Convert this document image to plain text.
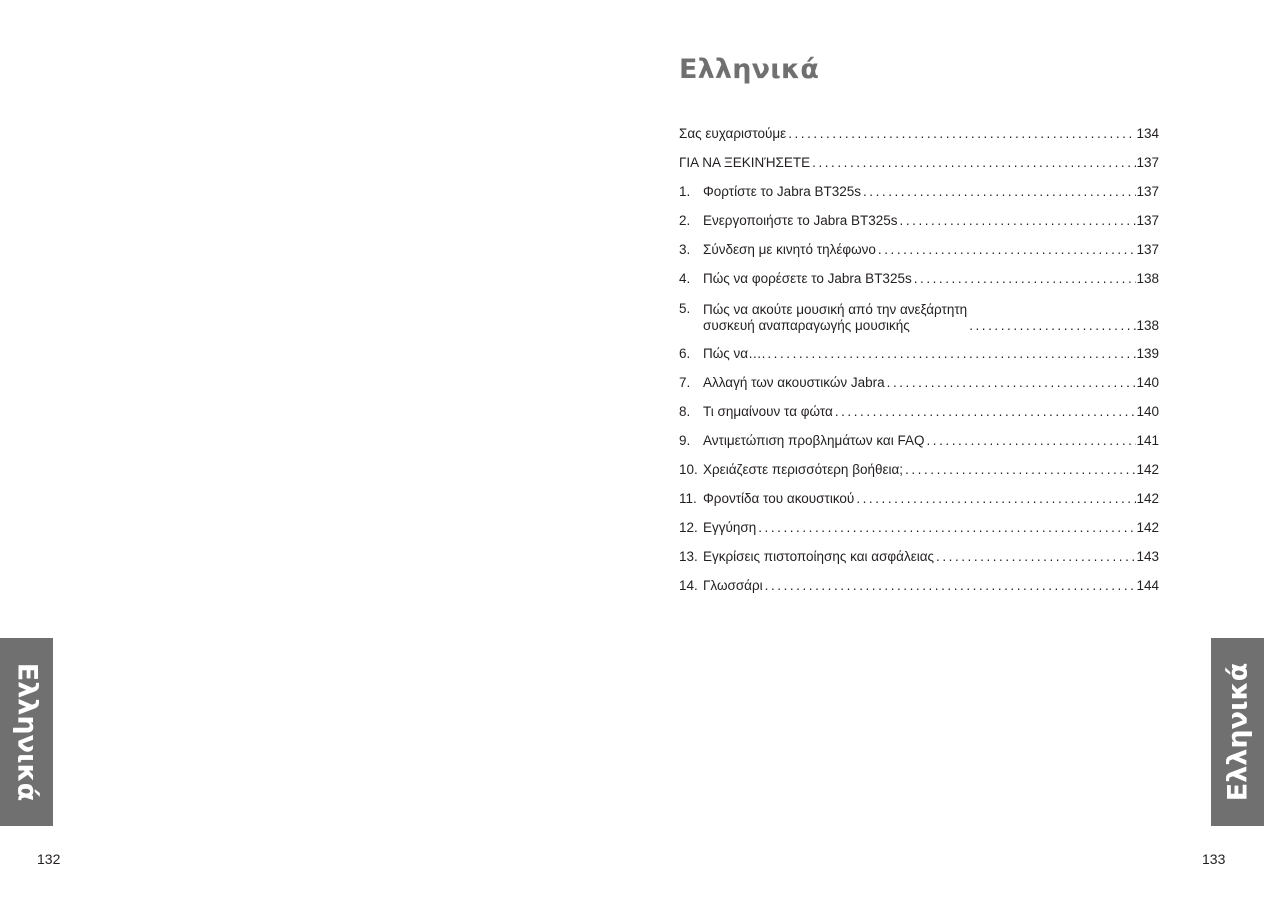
Ελληνικά
132
Ελληνικά
Σας ευχαριστούμε . . .	134
ΓΙΑ ΝΑ ΞΕΚΙΝΉΣΕΤΕ . . .	137
1. Φορτίστε το Jabra BT325s . . .	137
2. Ενεργοποιήστε το Jabra BT325s . . .	137
3. Σύνδεση με κινητό τηλέφωνο . . .	137
4. Πώς να φορέσετε το Jabra BT325s . . .	138
5. Πώς να ακούτε μουσική από την ανεξάρτητη
συσκευή αναπαραγωγής μουσικής . . .	138
6. Πώς να…. . . .	139
7. Αλλαγή των ακουστικών Jabra . . .	140
8. Τι σημαίνουν τα φώτα . . .	140
9. Αντιμετώπιση προβλημάτων και FAQ . . .	141
10. Χρειάζεστε περισσότερη βοήθεια; . . .	142
11. Φροντίδα του ακουστικού . . .	142
12. Εγγύηση . . .	142
13. Εγκρίσεις πιστοποίησης και ασφάλειας . . .	143
14. Γλωσσάρι . . .	144
Ελληνικά
133
